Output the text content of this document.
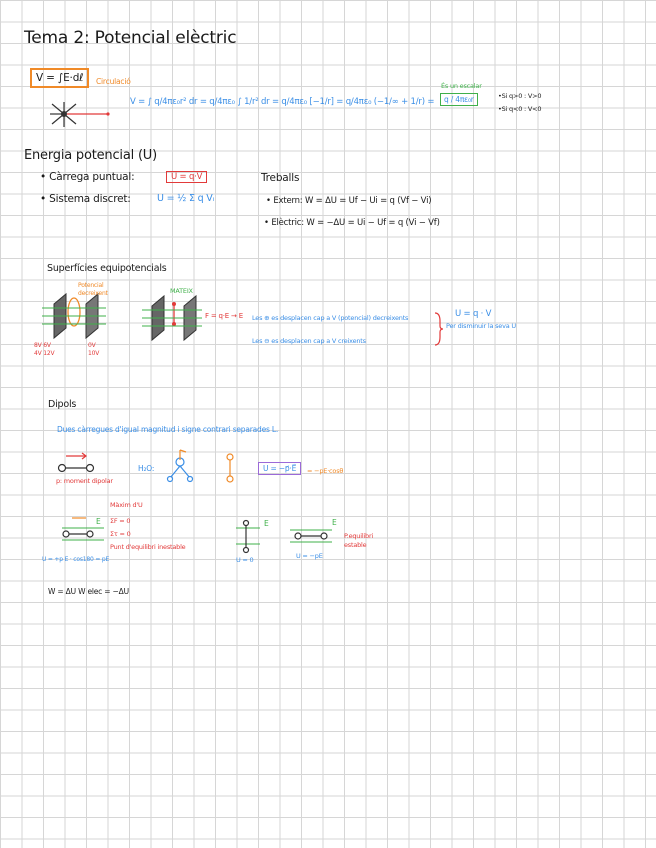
Tema 2: Potencial elèctric
V = ∫E·dℓ	Circulació
V = ∫ q/4πε₀r² dr = q/4πε₀ ∫ 1/r² dr = q/4πε₀ [−1/r] = q/4πε₀ (−1/∞ + 1/r) =
És un escalar
q / 4πε₀r	•Si q>0 : V>0
•Si q<0 : V<0
Energia potencial (U)
• Càrrega puntual:	U = q·V
• Sistema discret:	U = ½ Σ q Vᵢ
Treballs
• Extern: W = ΔU = Uf − Ui = q (Vf − Vi)
• Elèctric: W = −ΔU = Ui − Uf = q (Vi − Vf)
Superfícies equipotencials
Potencial decreixent
8V 6V
4V 12V
0V
10V
MATEIX
F = q·E → E Les ⊕ es desplacen cap a V (potencial) decreixents
Les ⊖ es desplacen cap a V creixents
U = q · V
Per disminuir la seva U
Dipols
Dues càrregues d'igual magnitud i signe contrari separades L.
p: moment dipolar
H₂O:	U = −p⃗·E⃗	= −pE·cosθ
Màxim d'U
ΣF = 0
Στ = 0
Punt d'equilibri inestable
E
U = +p E · cos180 = pE
E
U = 0
E
U = −pE
P.equilibri estable
W = ΔU W elec = −ΔU
